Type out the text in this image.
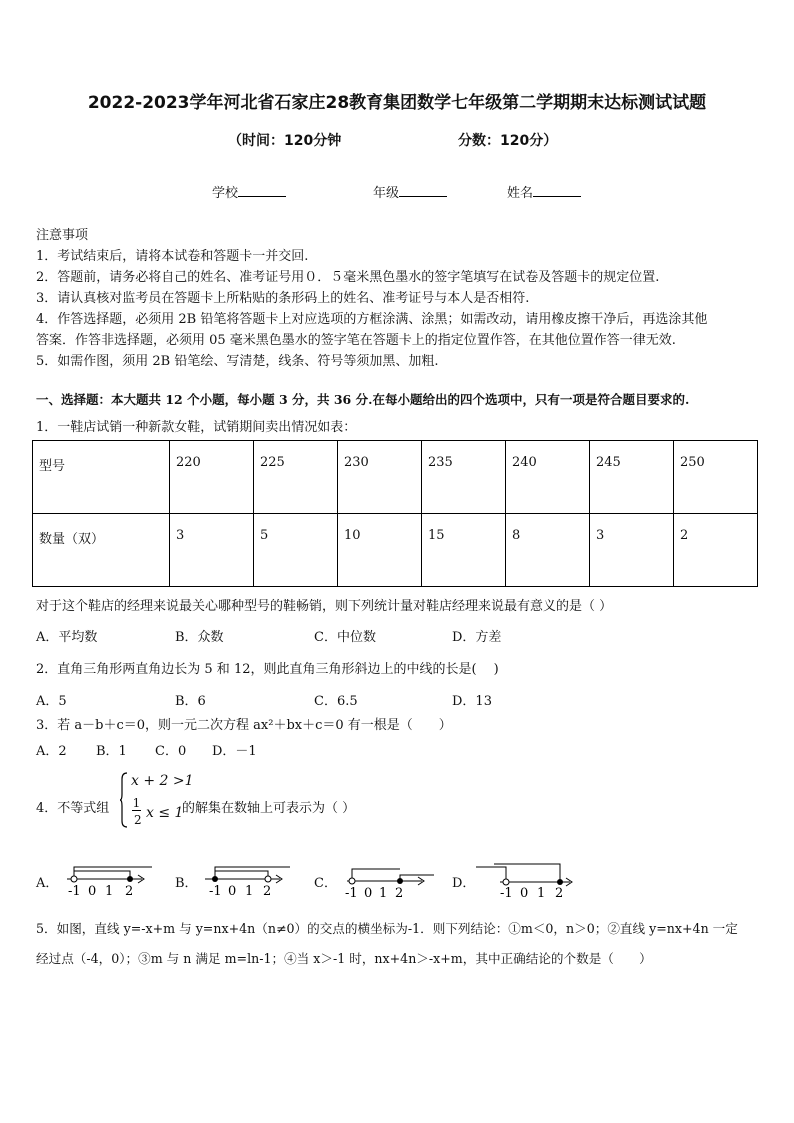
2022-2023学年河北省石家庄28教育集团数学七年级第二学期期末达标测试试题
（时间：120分钟	分数：120分）
学校	年级	姓名
注意事项
1．考试结束后，请将本试卷和答题卡一并交回.
2．答题前，请务必将自己的姓名、准考证号用０．５毫米黑色墨水的签字笔填写在试卷及答题卡的规定位置.
3．请认真核对监考员在答题卡上所粘贴的条形码上的姓名、准考证号与本人是否相符.
4．作答选择题，必须用 2B 铅笔将答题卡上对应选项的方框涂满、涂黑；如需改动，请用橡皮擦干净后，再选涂其他
答案．作答非选择题，必须用 05 毫米黑色墨水的签字笔在答题卡上的指定位置作答，在其他位置作答一律无效.
5．如需作图，须用 2B 铅笔绘、写清楚，线条、符号等须加黑、加粗.
一、选择题：本大题共 12 个小题，每小题 3 分，共 36 分.在每小题给出的四个选项中，只有一项是符合题目要求的.
1．一鞋店试销一种新款女鞋，试销期间卖出情况如表：
型号	220	225	230	235	240	245	250
数量（双）	3	5	10	15	8	3	2
对于这个鞋店的经理来说最关心哪种型号的鞋畅销，则下列统计量对鞋店经理来说最有意义的是（ ）
A．平均数	B．众数	C．中位数	D．方差
2．直角三角形两直角边长为 5 和 12，则此直角三角形斜边上的中线的长是(　 )
A．5	B．6	C．6.5	D．13
3．若 a－b＋c＝0，则一元二次方程 ax²＋bx＋c＝0 有一根是（　　）
A．2 B．1 C．0 D．－1
4．不等式组
x + 2 >1
1
2 x ≤ 1
的解集在数轴上可表示为（ ）
A．	B．	C．	D．
-1 0 1 2	-1 0 1 2	-1 0 1 2	-1 0 1 2
5．如图，直线 y=-x+m 与 y=nx+4n（n≠0）的交点的横坐标为-1．则下列结论：①m＜0，n＞0；②直线 y=nx+4n 一定
经过点（-4，0）；③m 与 n 满足 m=ln-1；④当 x＞-1 时，nx+4n＞-x+m，其中正确结论的个数是（　　）
